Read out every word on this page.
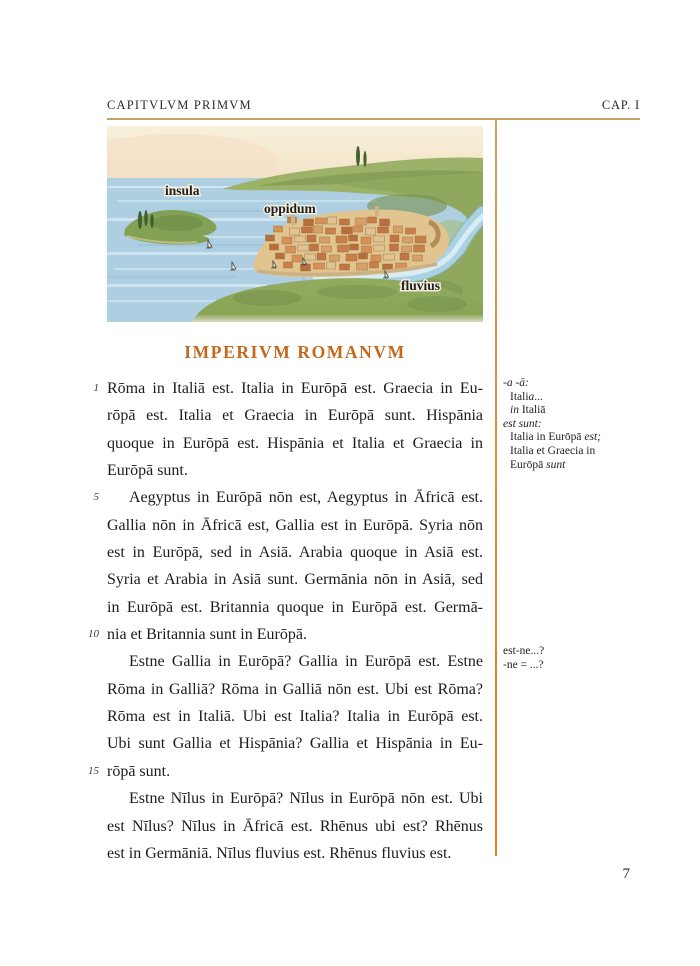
CAPITVLVM PRIMVM	CAP. I
insula
oppidum
fluvius
IMPERIVM ROMANVM
1 Rōma in Italiā est. Italia in Eurōpā est. Graecia in Eu-
rōpā est. Italia et Graecia in Eurōpā sunt. Hispānia
quoque in Eurōpā est. Hispānia et Italia et Graecia in
Eurōpā sunt.
5	Aegyptus in Eurōpā nōn est, Aegyptus in Āfricā est.
Gallia nōn in Āfricā est, Gallia est in Eurōpā. Syria nōn
est in Eurōpā, sed in Asiā. Arabia quoque in Asiā est.
Syria et Arabia in Asiā sunt. Germānia nōn in Asiā, sed
in Eurōpā est. Britannia quoque in Eurōpā est. Germā-
10 nia et Britannia sunt in Eurōpā.
Estne Gallia in Eurōpā? Gallia in Eurōpā est. Estne
Rōma in Galliā? Rōma in Galliā nōn est. Ubi est Rōma?
Rōma est in Italiā. Ubi est Italia? Italia in Eurōpā est.
Ubi sunt Gallia et Hispānia? Gallia et Hispānia in Eu-
15 rōpā sunt.
Estne Nīlus in Eurōpā? Nīlus in Eurōpā nōn est. Ubi
est Nīlus? Nīlus in Āfricā est. Rhēnus ubi est? Rhēnus
est in Germāniā. Nīlus fluvius est. Rhēnus fluvius est.
-a -ā:
Italia...
in Italiā
est sunt:
Italia in Eurōpā est;
Italia et Graecia in
Eurōpā sunt
est-ne...?
-ne = ...?
7
